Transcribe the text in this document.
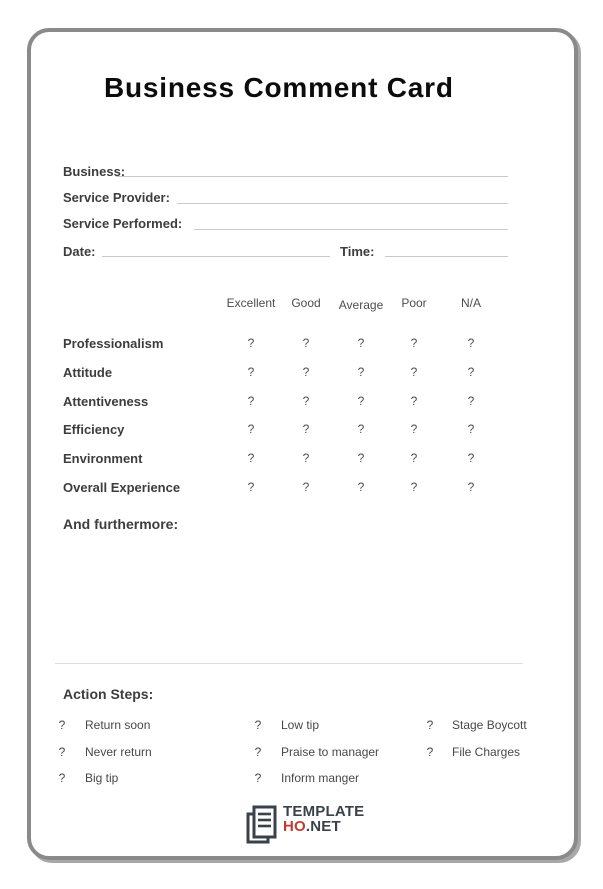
Business Comment Card
Business:
Service Provider:
Service Performed:
Date:	Time:
Excellent Good Average Poor	N/A
Professionalism	?	?	?	?	?
Attitude	?	?	?	?	?
Attentiveness	?	?	?	?	?
Efficiency	?	?	?	?	?
Environment	?	?	?	?	?
Overall Experience	?	?	?	?	?
And furthermore:
Action Steps:
? Return soon
? Never return
? Big tip
? Low tip
? Praise to manager
? Inform manger
? Stage Boycott
? File Charges
TEMPLATE
HO.NET
